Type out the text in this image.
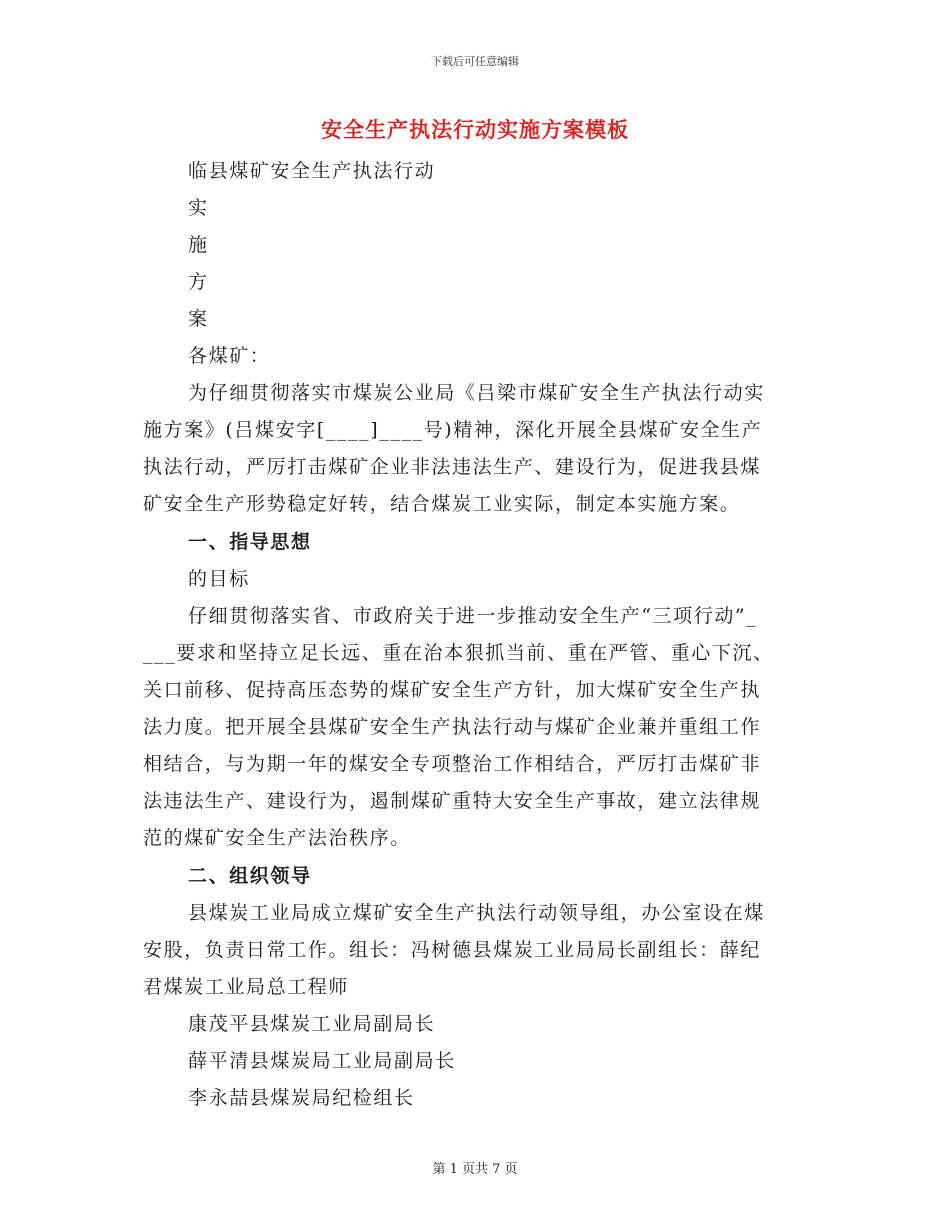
下载后可任意编辑
安全生产执法行动实施方案模板
临县煤矿安全生产执法行动
实
施
方
案
各煤矿：
为仔细贯彻落实市煤炭公业局《吕梁市煤矿安全生产执法行动实
施方案》(吕煤安字[____]____号)精神，深化开展全县煤矿安全生产
执法行动，严厉打击煤矿企业非法违法生产、建设行为，促进我县煤
矿安全生产形势稳定好转，结合煤炭工业实际，制定本实施方案。
一、指导思想
的目标
仔细贯彻落实省、市政府关于进一步推动安全生产“三项行动”_
___要求和坚持立足长远、重在治本狠抓当前、重在严管、重心下沉、
关口前移、促持高压态势的煤矿安全生产方针，加大煤矿安全生产执
法力度。把开展全县煤矿安全生产执法行动与煤矿企业兼并重组工作
相结合，与为期一年的煤安全专项整治工作相结合，严厉打击煤矿非
法违法生产、建设行为，遏制煤矿重特大安全生产事故，建立法律规
范的煤矿安全生产法治秩序。
二、组织领导
县煤炭工业局成立煤矿安全生产执法行动领导组，办公室设在煤
安股，负责日常工作。组长：冯树德县煤炭工业局局长副组长：薛纪
君煤炭工业局总工程师
康茂平县煤炭工业局副局长
薛平清县煤炭局工业局副局长
李永喆县煤炭局纪检组长
第 1 页共 7 页
